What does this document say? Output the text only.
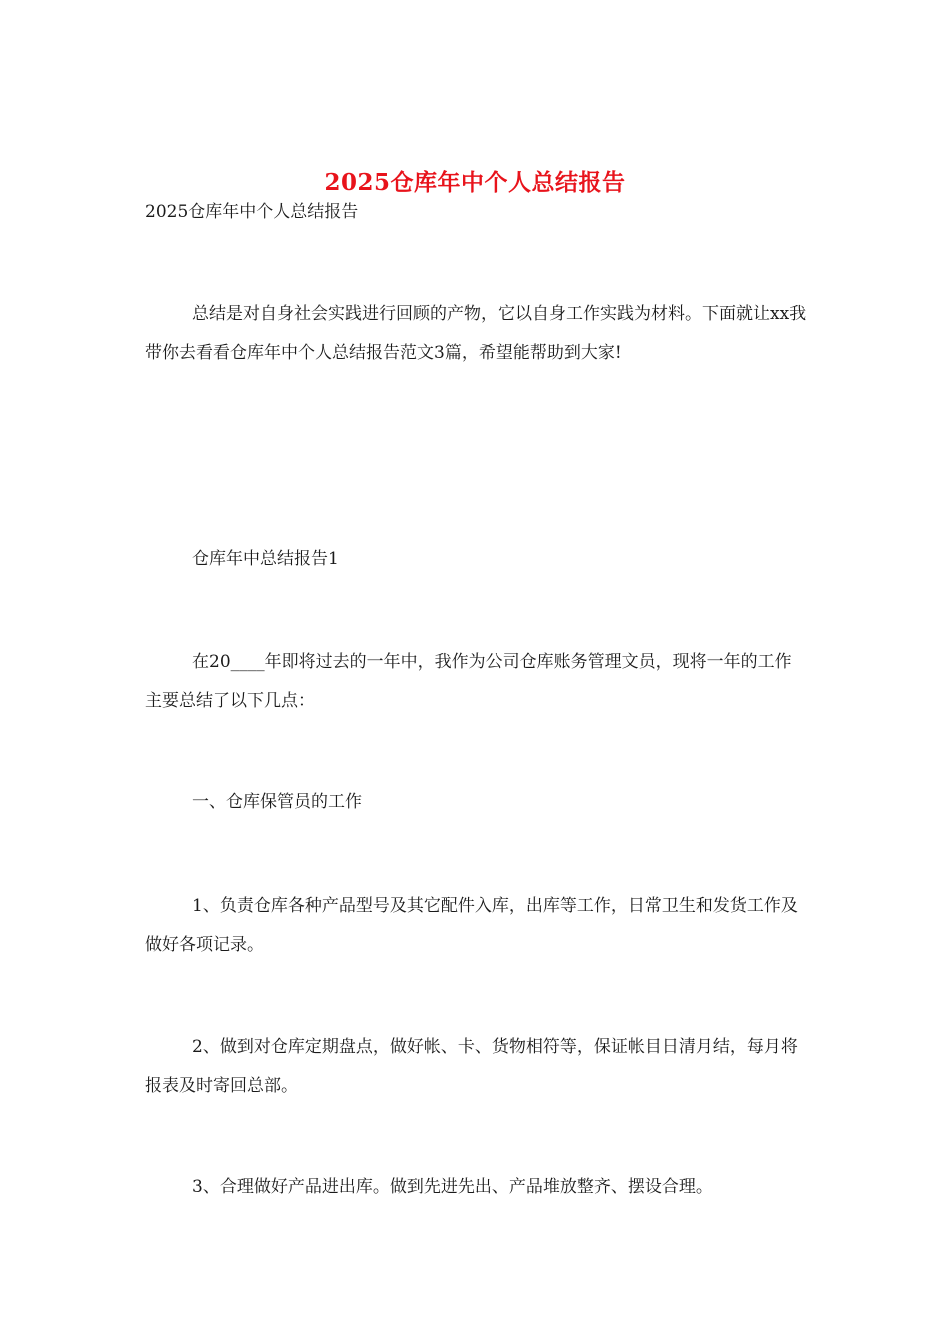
2025仓库年中个人总结报告

2025仓库年中个人总结报告

总结是对自身社会实践进行回顾的产物，它以自身工作实践为材料。下面就让xx我带你去看看仓库年中个人总结报告范文3篇，希望能帮助到大家!

仓库年中总结报告1

在20____年即将过去的一年中，我作为公司仓库账务管理文员，现将一年的工作主要总结了以下几点：

一、仓库保管员的工作

1、负责仓库各种产品型号及其它配件入库，出库等工作，日常卫生和发货工作及做好各项记录。

2、做到对仓库定期盘点，做好帐、卡、货物相符等，保证帐目日清月结，每月将报表及时寄回总部。

3、合理做好产品进出库。做到先进先出、产品堆放整齐、摆设合理。
